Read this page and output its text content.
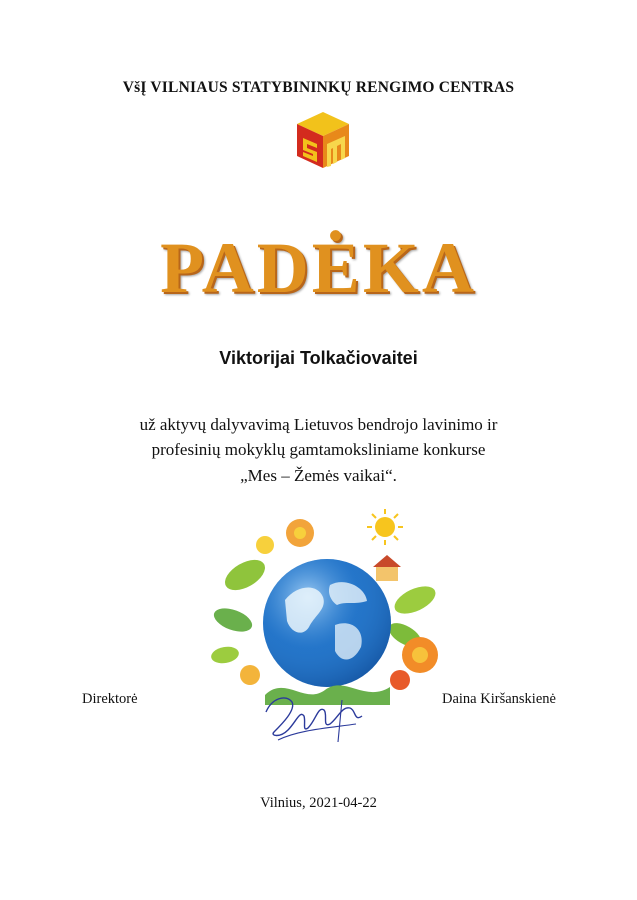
VšĮ VILNIAUS STATYBININKŲ RENGIMO CENTRAS
PADĖKA
Viktorijai Tolkačiovaitei
už aktyvų dalyvavimą Lietuvos bendrojo lavinimo ir
profesinių mokyklų gamtamoksliniame konkurse
„Mes – Žemės vaikai“.
Direktorė	Daina Kiršanskienė
Vilnius, 2021-04-22
